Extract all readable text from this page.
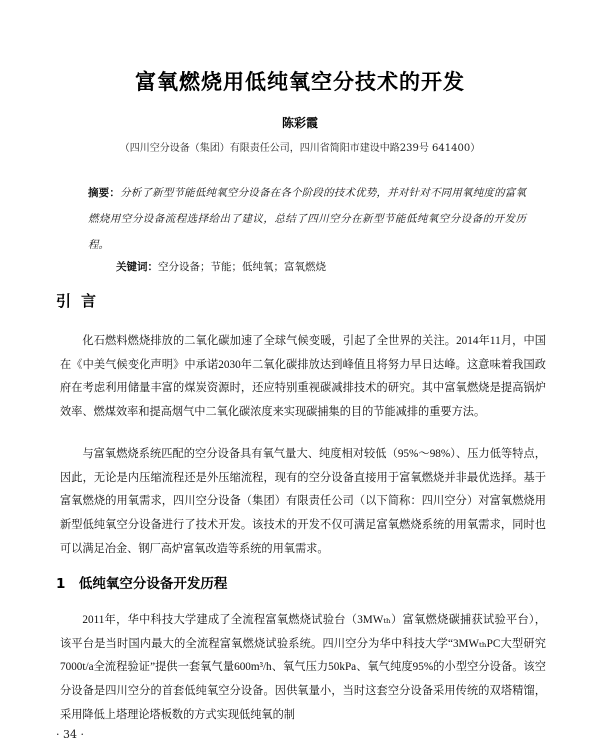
富氧燃烧用低纯氧空分技术的开发
陈彩霞
（四川空分设备（集团）有限责任公司，四川省简阳市建设中路239号 641400）
摘要：分析了新型节能低纯氧空分设备在各个阶段的技术优势，并对针对不同用氧纯度的富氧燃烧用空分设备流程选择给出了建议，总结了四川空分在新型节能低纯氧空分设备的开发历程。
关键词：空分设备；节能；低纯氧；富氧燃烧
引言

化石燃料燃烧排放的二氧化碳加速了全球气候变暖，引起了全世界的关注。2014年11月，中国在《中美气候变化声明》中承诺2030年二氧化碳排放达到峰值且将努力早日达峰。这意味着我国政府在考虑利用储量丰富的煤炭资源时，还应特别重视碳减排技术的研究。其中富氧燃烧是提高锅炉效率、燃煤效率和提高烟气中二氧化碳浓度来实现碳捕集的目的节能减排的重要方法。

与富氧燃烧系统匹配的空分设备具有氧气量大、纯度相对较低（95%～98%）、压力低等特点，因此，无论是内压缩流程还是外压缩流程，现有的空分设备直接用于富氧燃烧并非最优选择。基于富氧燃烧的用氧需求，四川空分设备（集团）有限责任公司（以下简称：四川空分）对富氧燃烧用新型低纯氧空分设备进行了技术开发。该技术的开发不仅可满足富氧燃烧系统的用氧需求，同时也可以满足冶金、钢厂高炉富氧改造等系统的用氧需求。

1　低纯氧空分设备开发历程

2011年，华中科技大学建成了全流程富氧燃烧试验台（3MWₜₕ）富氧燃烧碳捕获试验平台），该平台是当时国内最大的全流程富氧燃烧试验系统。四川空分为华中科技大学“3MWₜₕPC大型研究7000t/a全流程验证”提供一套氧气量600m³/h、氧气压力50kPa、氧气纯度95%的小型空分设备。该空分设备是四川空分的首套低纯氧空分设备。因供氧量小，当时这套空分设备采用传统的双塔精馏，采用降低上塔理论塔板数的方式实现低纯氧的制

· 34 ·
